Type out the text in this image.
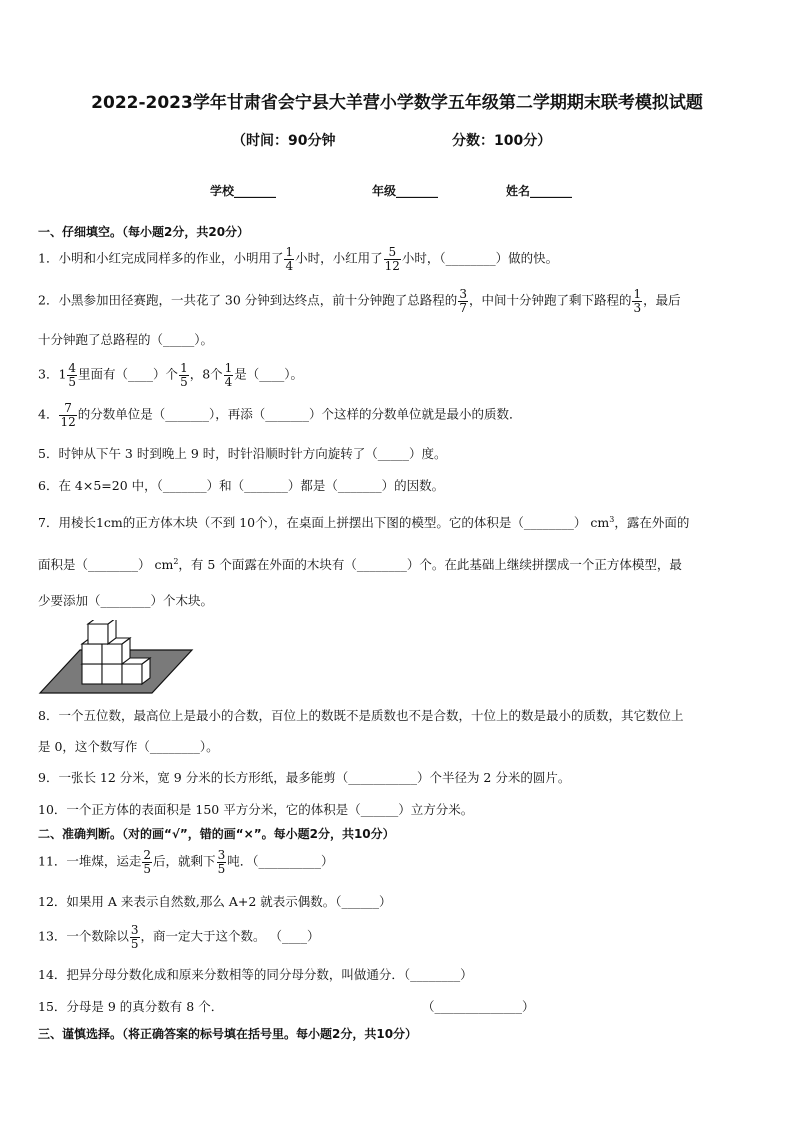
2022-2023学年甘肃省会宁县大羊营小学数学五年级第二学期期末联考模拟试题
（时间：90分钟	分数：100分）
学校_______	年级_______	姓名_______
一、仔细填空。（每小题2分，共20分）
1．小明和小红完成同样多的作业，小明用了 $\frac{1}{4}$ 小时，小红用了 $\frac{5}{12}$ 小时，（________）做的快。
2．小黑参加田径赛跑，一共花了 30 分钟到达终点，前十分钟跑了总路程的 $\frac{3}{7}$ ，中间十分钟跑了剩下路程的 $\frac{1}{3}$ ，最后
十分钟跑了总路程的（_____）。
3．$1 \frac{4}{5}$ 里面有（____）个 $\frac{1}{5}$ ，8个 $\frac{1}{4}$ 是（____）。
4． $\frac{7}{12}$ 的分数单位是（_______），再添（_______）个这样的分数单位就是最小的质数．
5．时钟从下午 3 时到晚上 9 时，时针沿顺时针方向旋转了（_____）度。
6．在 4×5=20 中，（_______）和（_______）都是（_______）的因数。
7．用棱长1cm的正方体木块（不到 10个），在桌面上拼摆出下图的模型。它的体积是（________） $cm^3$，露在外面的
面积是（________） $cm^2$，有 5 个面露在外面的木块有（________）个。在此基础上继续拼摆成一个正方体模型，最
少要添加（________）个木块。
8．一个五位数，最高位上是最小的合数，百位上的数既不是质数也不是合数，十位上的数是最小的质数，其它数位上
是 0，这个数写作（________）。
9．一张长 12 分米，宽 9 分米的长方形纸，最多能剪（___________）个半径为 2 分米的圆片。
10．一个正方体的表面积是 150 平方分米，它的体积是（______）立方分米。
二、准确判断。（对的画“√”，错的画“×”。每小题2分，共10分）
11．一堆煤，运走 $\frac{2}{5}$ 后，就剩下 $\frac{3}{5}$ 吨．（__________）
12．如果用 A 来表示自然数,那么 A+2 就表示偶数。（______）
13．一个数除以 $\frac{3}{5}$ ，商一定大于这个数。 （____）
14．把异分母分数化成和原来分数相等的同分母分数，叫做通分．（________）
15．分母是 9 的真分数有 8 个．	（______________）
三、谨慎选择。（将正确答案的标号填在括号里。每小题2分，共10分）
